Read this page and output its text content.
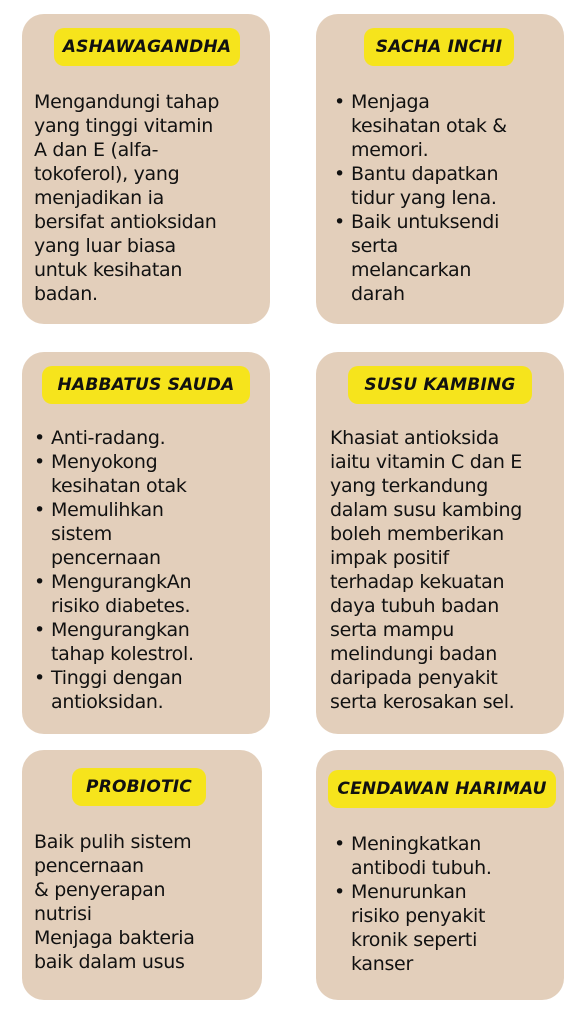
ASHAWAGANDHA
Mengandungi tahap
yang tinggi vitamin
A dan E (alfa-
tokoferol), yang
menjadikan ia
bersifat antioksidan
yang luar biasa
untuk kesihatan
badan.
SACHA INCHI
• Menjaga
kesihatan otak &
memori.
• Bantu dapatkan
tidur yang lena.
• Baik untuksendi
serta
melancarkan
darah
HABBATUS SAUDA
• Anti-radang.
• Menyokong
kesihatan otak
• Memulihkan
sistem
pencernaan
• MengurangkAn
risiko diabetes.
• Mengurangkan
tahap kolestrol.
• Tinggi dengan
antioksidan.
SUSU KAMBING
Khasiat antioksida
iaitu vitamin C dan E
yang terkandung
dalam susu kambing
boleh memberikan
impak positif
terhadap kekuatan
daya tubuh badan
serta mampu
melindungi badan
daripada penyakit
serta kerosakan sel.
PROBIOTIC
Baik pulih sistem
pencernaan
& penyerapan
nutrisi
Menjaga bakteria
baik dalam usus
CENDAWAN HARIMAU
• Meningkatkan
antibodi tubuh.
• Menurunkan
risiko penyakit
kronik seperti
kanser
